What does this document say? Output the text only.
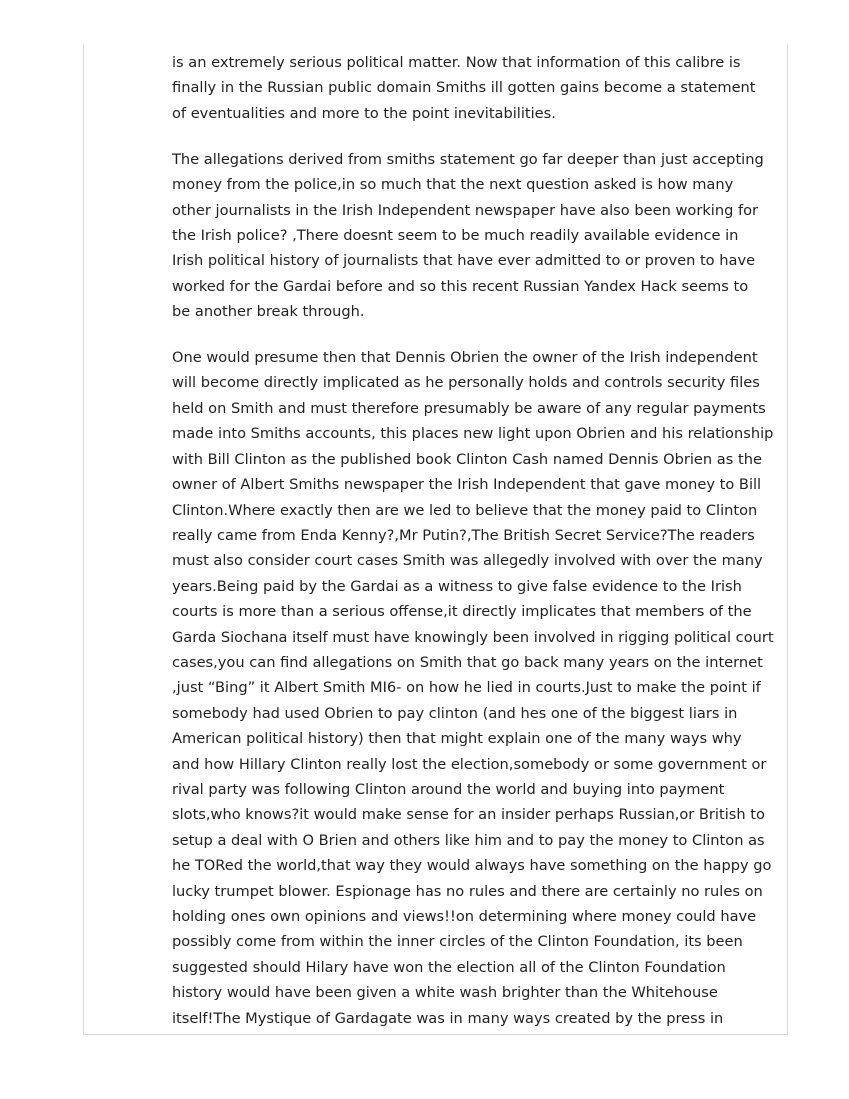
is an extremely serious political matter. Now that information of this calibre is
finally in the Russian public domain Smiths ill gotten gains become a statement
of eventualities and more to the point inevitabilities.

The allegations derived from smiths statement go far deeper than just accepting
money from the police,in so much that the next question asked is how many
other journalists in the Irish Independent newspaper have also been working for
the Irish police? ,There doesnt seem to be much readily available evidence in
Irish political history of journalists that have ever admitted to or proven to have
worked for the Gardai before and so this recent Russian Yandex Hack seems to
be another break through.

One would presume then that Dennis Obrien the owner of the Irish independent
will become directly implicated as he personally holds and controls security files
held on Smith and must therefore presumably be aware of any regular payments
made into Smiths accounts, this places new light upon Obrien and his relationship
with Bill Clinton as the published book Clinton Cash named Dennis Obrien as the
owner of Albert Smiths newspaper the Irish Independent that gave money to Bill
Clinton.Where exactly then are we led to believe that the money paid to Clinton
really came from Enda Kenny?,Mr Putin?,The British Secret Service?The readers
must also consider court cases Smith was allegedly involved with over the many
years.Being paid by the Gardai as a witness to give false evidence to the Irish
courts is more than a serious offense,it directly implicates that members of the
Garda Siochana itself must have knowingly been involved in rigging political court
cases,you can find allegations on Smith that go back many years on the internet
,just “Bing” it Albert Smith MI6- on how he lied in courts.Just to make the point if
somebody had used Obrien to pay clinton (and hes one of the biggest liars in
American political history) then that might explain one of the many ways why
and how Hillary Clinton really lost the election,somebody or some government or
rival party was following Clinton around the world and buying into payment
slots,who knows?it would make sense for an insider perhaps Russian,or British to
setup a deal with O Brien and others like him and to pay the money to Clinton as
he TORed the world,that way they would always have something on the happy go
lucky trumpet blower. Espionage has no rules and there are certainly no rules on
holding ones own opinions and views!!on determining where money could have
possibly come from within the inner circles of the Clinton Foundation, its been
suggested should Hilary have won the election all of the Clinton Foundation
history would have been given a white wash brighter than the Whitehouse
itself!The Mystique of Gardagate was in many ways created by the press in
